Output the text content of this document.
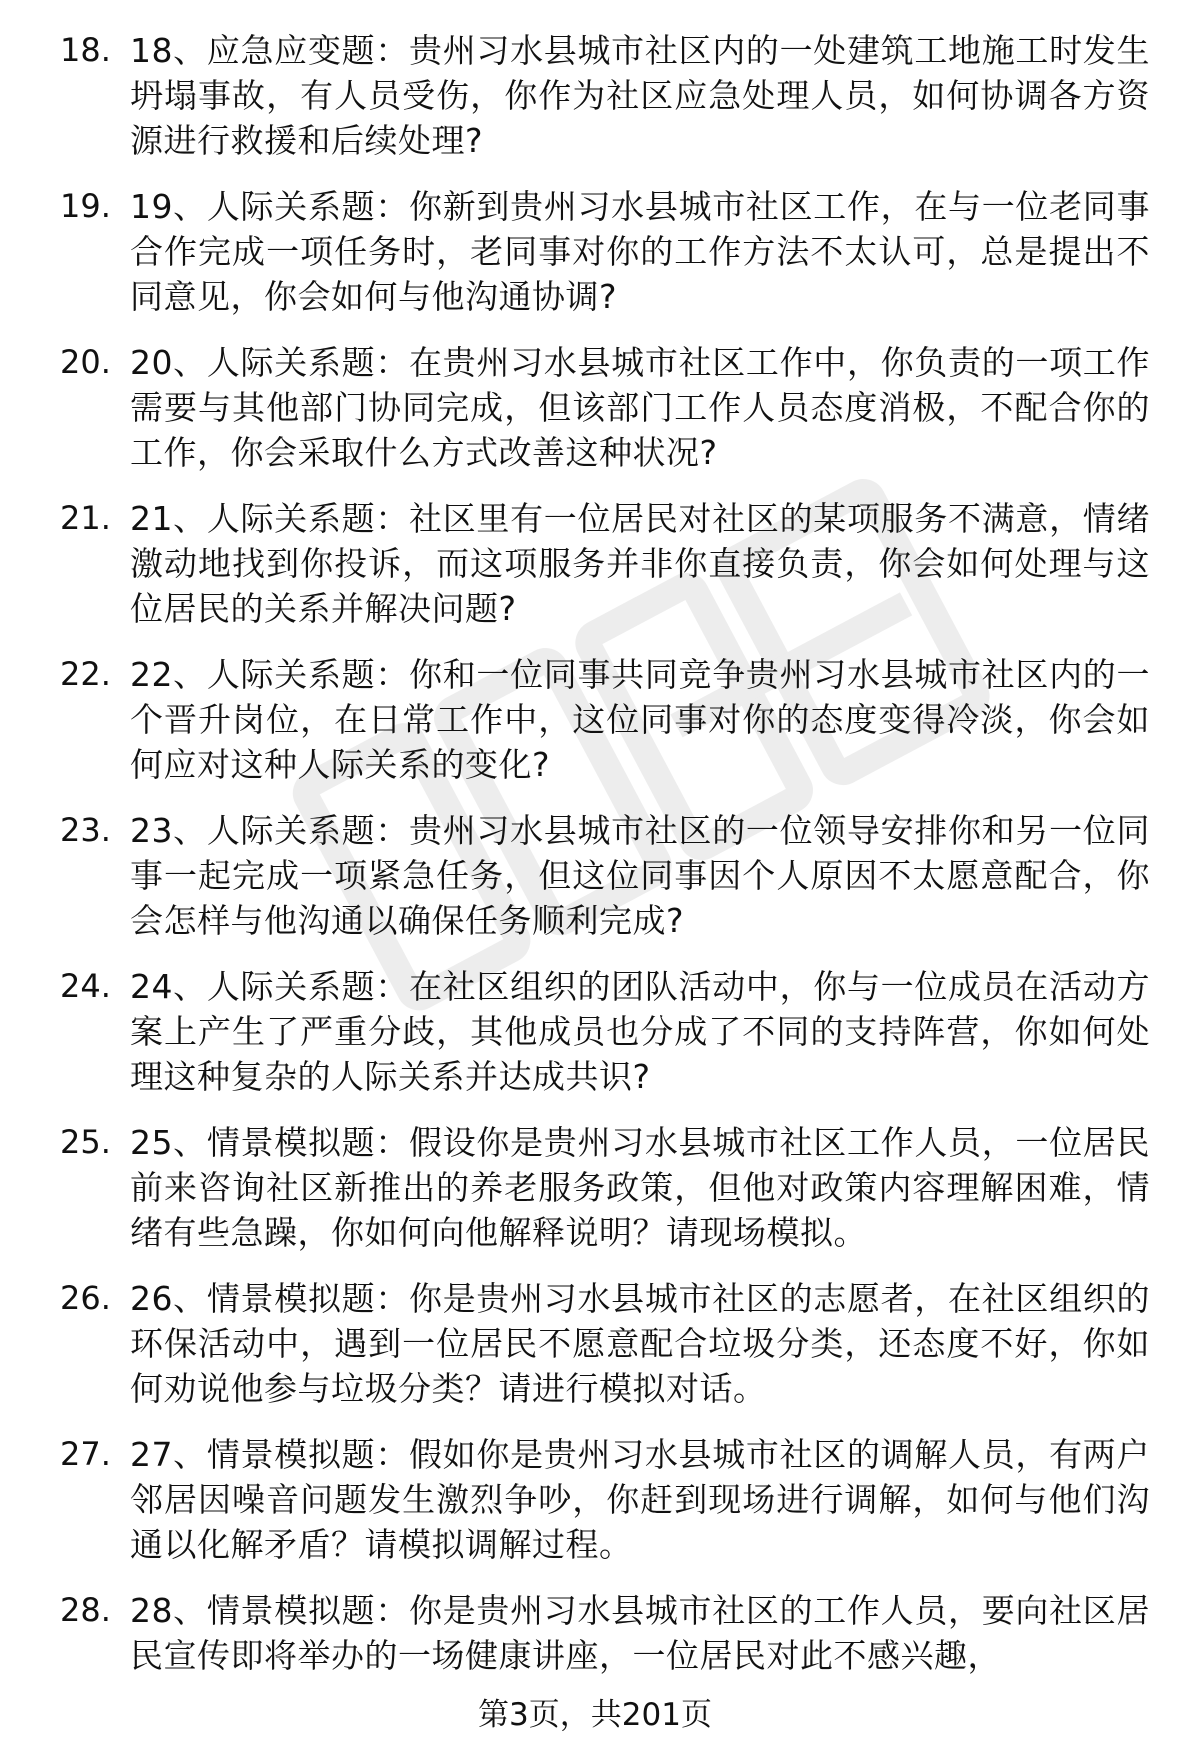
18. 18、应急应变题：贵州习水县城市社区内的一处建筑工地施工时发生坍塌事故，有人员受伤，你作为社区应急处理人员，如何协调各方资源进行救援和后续处理?
19. 19、人际关系题：你新到贵州习水县城市社区工作，在与一位老同事合作完成一项任务时，老同事对你的工作方法不太认可，总是提出不同意见，你会如何与他沟通协调?
20. 20、人际关系题：在贵州习水县城市社区工作中，你负责的一项工作需要与其他部门协同完成，但该部门工作人员态度消极，不配合你的工作，你会采取什么方式改善这种状况?
21. 21、人际关系题：社区里有一位居民对社区的某项服务不满意，情绪激动地找到你投诉，而这项服务并非你直接负责，你会如何处理与这位居民的关系并解决问题?
22. 22、人际关系题：你和一位同事共同竞争贵州习水县城市社区内的一个晋升岗位，在日常工作中，这位同事对你的态度变得冷淡，你会如何应对这种人际关系的变化?
23. 23、人际关系题：贵州习水县城市社区的一位领导安排你和另一位同事一起完成一项紧急任务，但这位同事因个人原因不太愿意配合，你会怎样与他沟通以确保任务顺利完成?
24. 24、人际关系题：在社区组织的团队活动中，你与一位成员在活动方案上产生了严重分歧，其他成员也分成了不同的支持阵营，你如何处理这种复杂的人际关系并达成共识?
25. 25、情景模拟题：假设你是贵州习水县城市社区工作人员，一位居民前来咨询社区新推出的养老服务政策，但他对政策内容理解困难，情绪有些急躁，你如何向他解释说明？请现场模拟。
26. 26、情景模拟题：你是贵州习水县城市社区的志愿者，在社区组织的环保活动中，遇到一位居民不愿意配合垃圾分类，还态度不好，你如何劝说他参与垃圾分类？请进行模拟对话。
27. 27、情景模拟题：假如你是贵州习水县城市社区的调解人员，有两户邻居因噪音问题发生激烈争吵，你赶到现场进行调解，如何与他们沟通以化解矛盾？请模拟调解过程。
28. 28、情景模拟题：你是贵州习水县城市社区的工作人员，要向社区居民宣传即将举办的一场健康讲座，一位居民对此不感兴趣，
第3页，共201页
